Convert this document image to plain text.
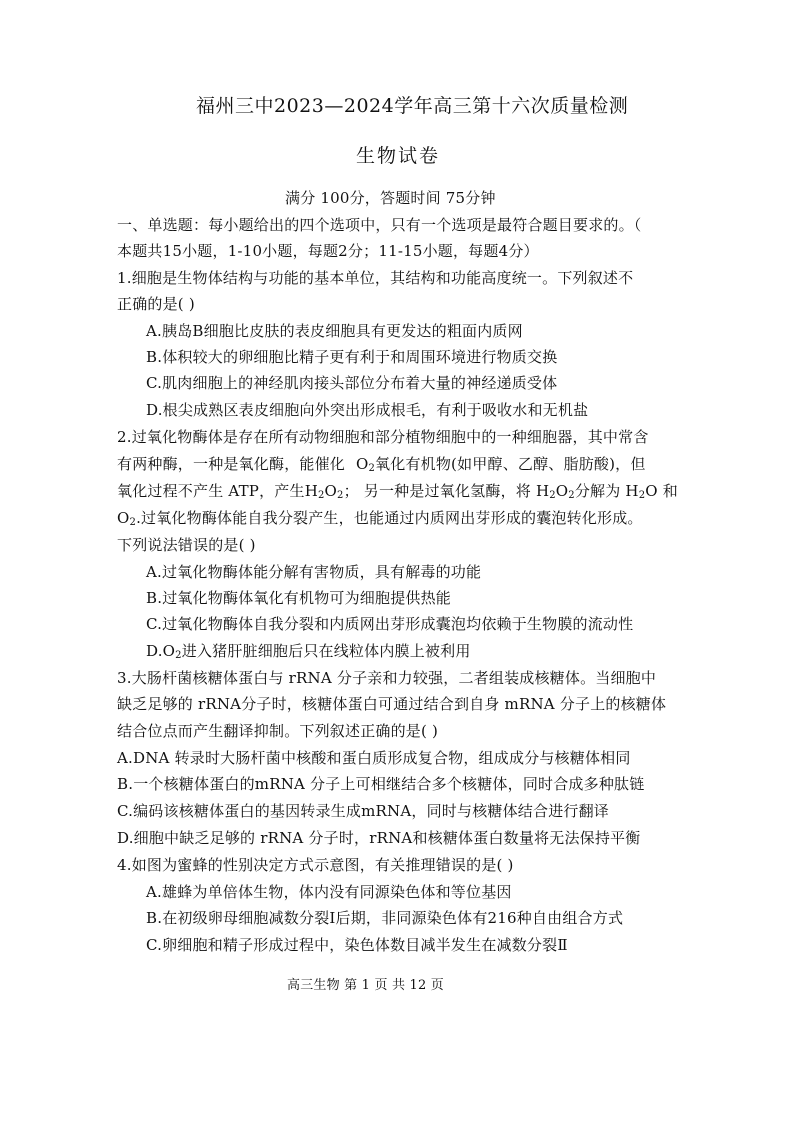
福州三中2023—2024学年高三第十六次质量检测
生物试卷
满分 100分，答题时间 75分钟
一、单选题：每小题给出的四个选项中，只有一个选项是最符合题目要求的。（
本题共15小题，1-10小题，每题2分；11-15小题，每题4分）
1.细胞是生物体结构与功能的基本单位，其结构和功能高度统一。下列叙述不
正确的是( )
A.胰岛B细胞比皮肤的表皮细胞具有更发达的粗面内质网
B.体积较大的卵细胞比精子更有利于和周围环境进行物质交换
C.肌肉细胞上的神经肌肉接头部位分布着大量的神经递质受体
D.根尖成熟区表皮细胞向外突出形成根毛，有利于吸收水和无机盐
2.过氧化物酶体是存在所有动物细胞和部分植物细胞中的一种细胞器，其中常含
有两种酶，一种是氧化酶，能催化 $O_2$氧化有机物(如甲醇、乙醇、脂肪酸)，但
氧化过程不产生 ATP，产生$H_2O_2$； 另一种是过氧化氢酶，将 $H_2O_2$分解为 $H_2O$ 和
$O_2$.过氧化物酶体能自我分裂产生，也能通过内质网出芽形成的囊泡转化形成。
下列说法错误的是( )
A.过氧化物酶体能分解有害物质，具有解毒的功能
B.过氧化物酶体氧化有机物可为细胞提供热能
C.过氧化物酶体自我分裂和内质网出芽形成囊泡均依赖于生物膜的流动性
$D.O_2$进入猪肝脏细胞后只在线粒体内膜上被利用
3.大肠杆菌核糖体蛋白与 rRNA 分子亲和力较强，二者组装成核糖体。当细胞中
缺乏足够的 rRNA分子时，核糖体蛋白可通过结合到自身 mRNA 分子上的核糖体
结合位点而产生翻译抑制。下列叙述正确的是( )
A.DNA 转录时大肠杆菌中核酸和蛋白质形成复合物，组成成分与核糖体相同
B.一个核糖体蛋白的mRNA 分子上可相继结合多个核糖体，同时合成多种肽链
C.编码该核糖体蛋白的基因转录生成mRNA，同时与核糖体结合进行翻译
D.细胞中缺乏足够的 rRNA 分子时，rRNA和核糖体蛋白数量将无法保持平衡
4.如图为蜜蜂的性别决定方式示意图，有关推理错误的是( )
A.雄蜂为单倍体生物，体内没有同源染色体和等位基因
B.在初级卵母细胞减数分裂Ⅰ后期，非同源染色体有216种自由组合方式
C.卵细胞和精子形成过程中，染色体数目减半发生在减数分裂Ⅱ
高三生物 第 1 页 共 12 页
